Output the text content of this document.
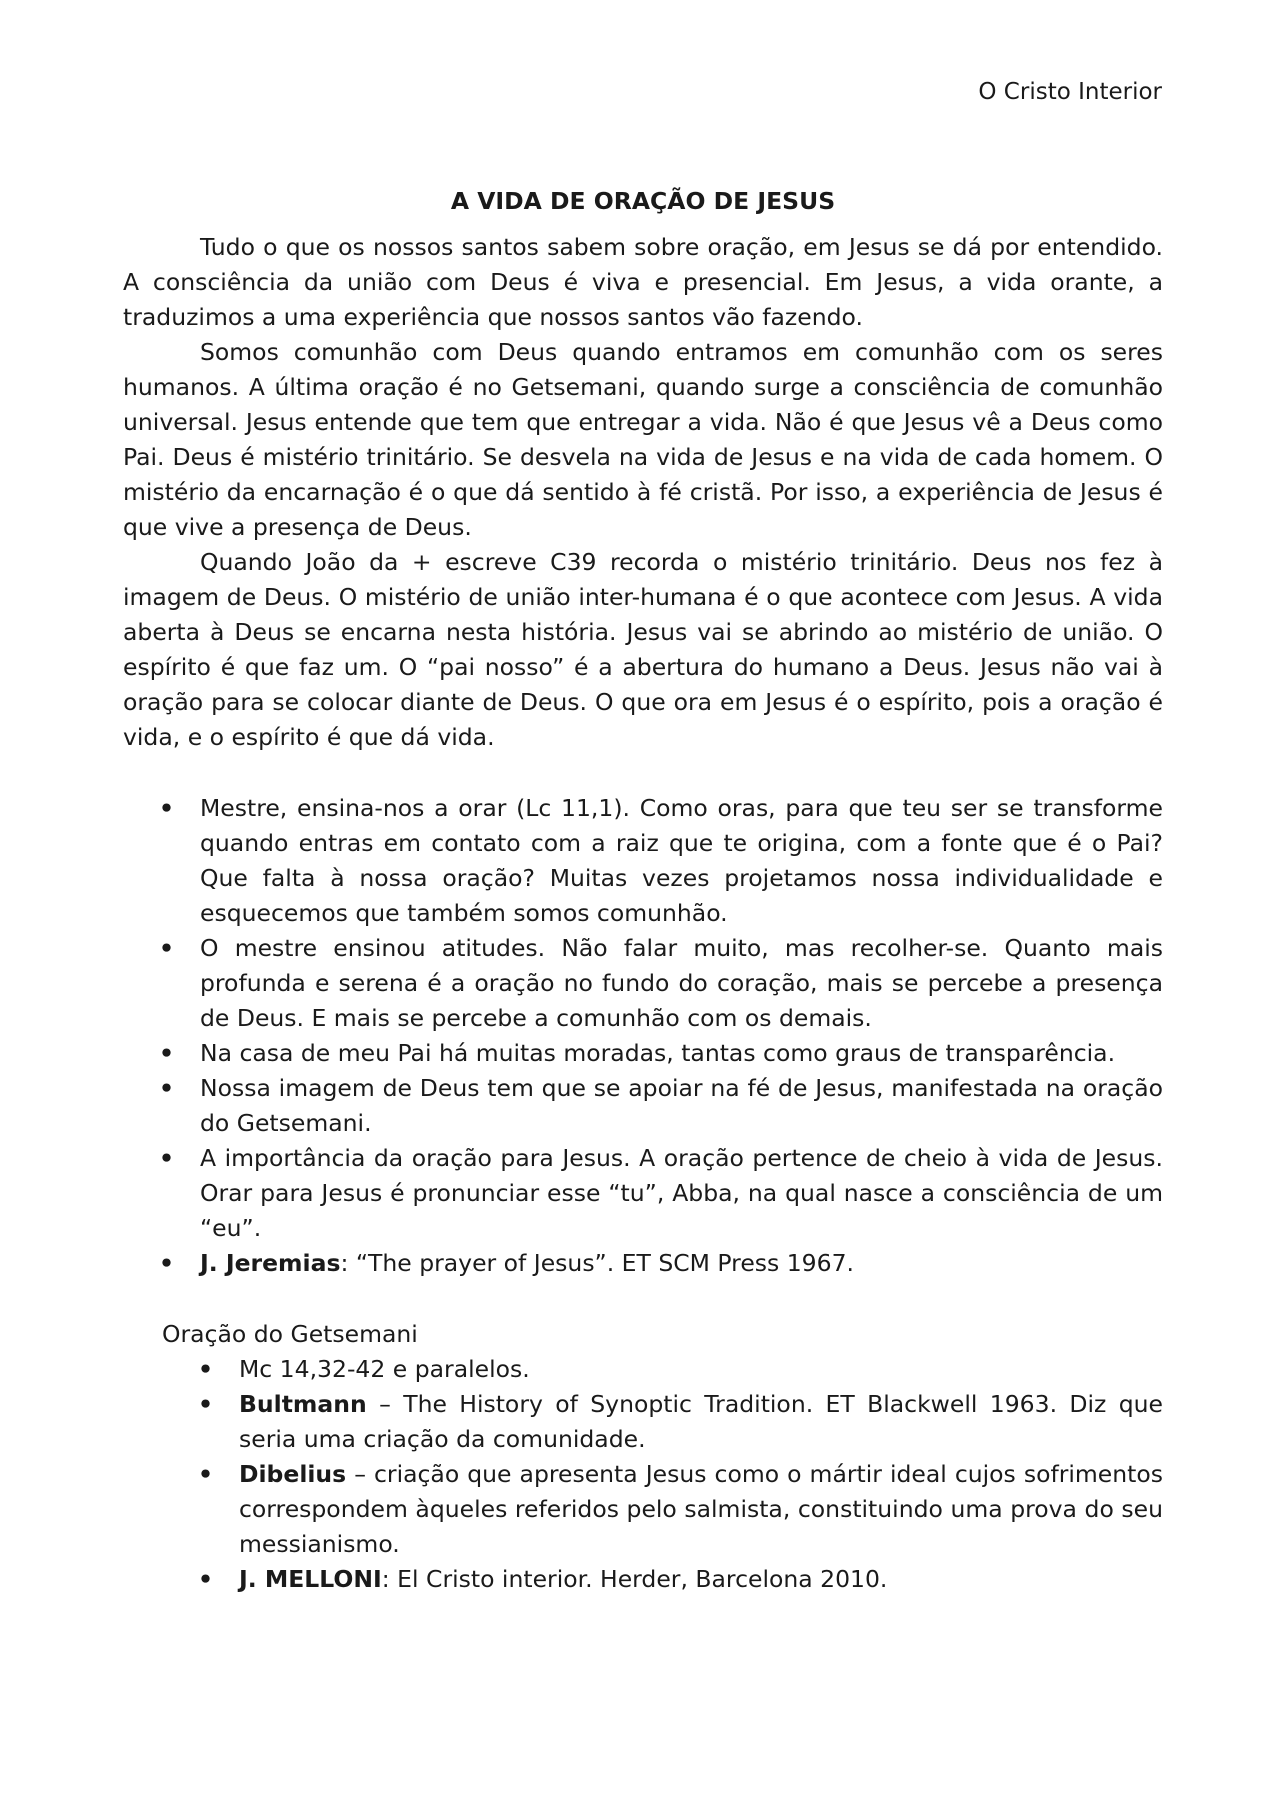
O Cristo Interior
A VIDA DE ORAÇÃO DE JESUS

Tudo o que os nossos santos sabem sobre oração, em Jesus se dá por entendido. A consciência da união com Deus é viva e presencial. Em Jesus, a vida orante, a traduzimos a uma experiência que nossos santos vão fazendo.

Somos comunhão com Deus quando entramos em comunhão com os seres humanos. A última oração é no Getsemani, quando surge a consciência de comunhão universal. Jesus entende que tem que entregar a vida. Não é que Jesus vê a Deus como Pai. Deus é mistério trinitário. Se desvela na vida de Jesus e na vida de cada homem. O mistério da encarnação é o que dá sentido à fé cristã. Por isso, a experiência de Jesus é que vive a presença de Deus.

Quando João da + escreve C39 recorda o mistério trinitário. Deus nos fez à imagem de Deus. O mistério de união inter-humana é o que acontece com Jesus. A vida aberta à Deus se encarna nesta história. Jesus vai se abrindo ao mistério de união. O espírito é que faz um. O “pai nosso” é a abertura do humano a Deus. Jesus não vai à oração para se colocar diante de Deus. O que ora em Jesus é o espírito, pois a oração é vida, e o espírito é que dá vida.

• Mestre, ensina-nos a orar (Lc 11,1). Como oras, para que teu ser se transforme quando entras em contato com a raiz que te origina, com a fonte que é o Pai? Que falta à nossa oração? Muitas vezes projetamos nossa individualidade e esquecemos que também somos comunhão.
• O mestre ensinou atitudes. Não falar muito, mas recolher-se. Quanto mais profunda e serena é a oração no fundo do coração, mais se percebe a presença de Deus. E mais se percebe a comunhão com os demais.
• Na casa de meu Pai há muitas moradas, tantas como graus de transparência.
• Nossa imagem de Deus tem que se apoiar na fé de Jesus, manifestada na oração do Getsemani.
• A importância da oração para Jesus. A oração pertence de cheio à vida de Jesus. Orar para Jesus é pronunciar esse “tu”, Abba, na qual nasce a consciência de um “eu”.
• J. Jeremias: “The prayer of Jesus”. ET SCM Press 1967.

Oração do Getsemani

• Mc 14,32-42 e paralelos.
• Bultmann – The History of Synoptic Tradition. ET Blackwell 1963. Diz que seria uma criação da comunidade.
• Dibelius – criação que apresenta Jesus como o mártir ideal cujos sofrimentos correspondem àqueles referidos pelo salmista, constituindo uma prova do seu messianismo.
• J. MELLONI: El Cristo interior. Herder, Barcelona 2010.
